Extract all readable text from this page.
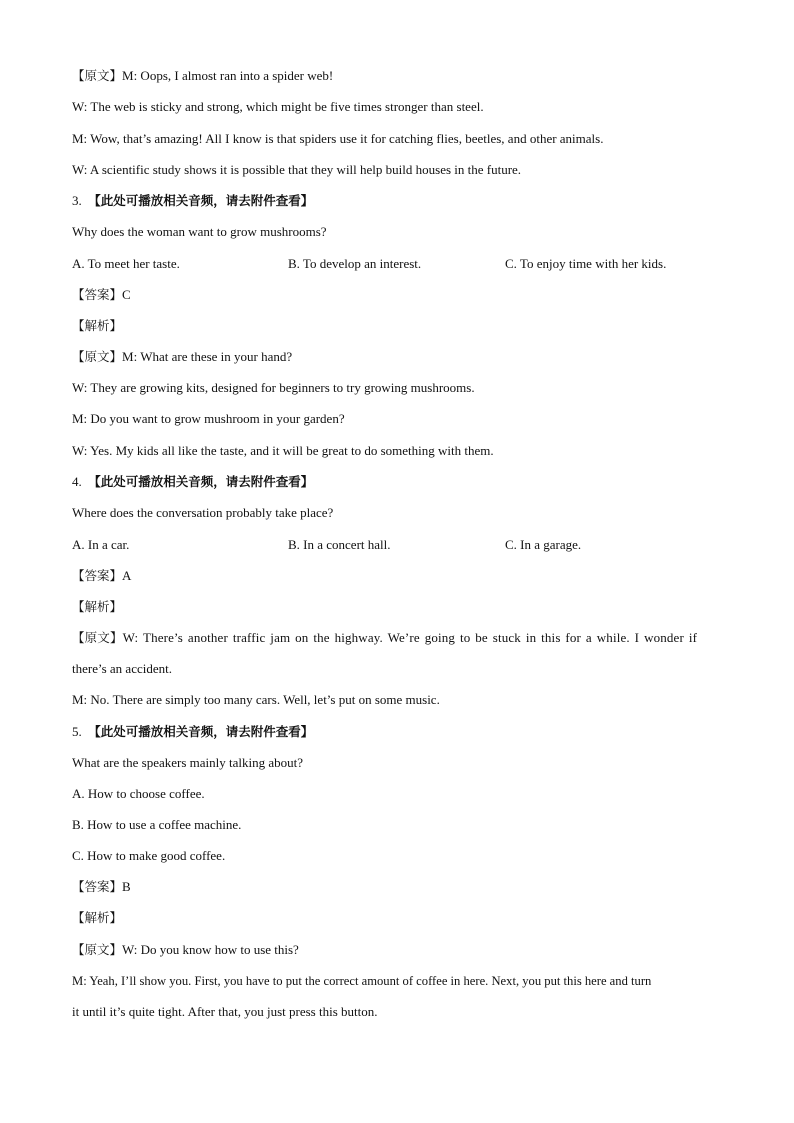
【原文】M: Oops, I almost ran into a spider web!
W: The web is sticky and strong, which might be five times stronger than steel.
M: Wow, that’s amazing! All I know is that spiders use it for catching flies, beetles, and other animals.
W: A scientific study shows it is possible that they will help build houses in the future.
3. 【此处可播放相关音频，请去附件查看】
Why does the woman want to grow mushrooms?
A. To meet her taste.	B. To develop an interest.	C. To enjoy time with her kids.
【答案】C
【解析】
【原文】M: What are these in your hand?
W: They are growing kits, designed for beginners to try growing mushrooms.
M: Do you want to grow mushroom in your garden?
W: Yes. My kids all like the taste, and it will be great to do something with them.
4. 【此处可播放相关音频，请去附件查看】
Where does the conversation probably take place?
A. In a car.	B. In a concert hall.	C. In a garage.
【答案】A
【解析】
【原文】W: There’s another traffic jam on the highway. We’re going to be stuck in this for a while. I wonder if
there’s an accident.
M: No. There are simply too many cars. Well, let’s put on some music.
5. 【此处可播放相关音频，请去附件查看】
What are the speakers mainly talking about?
A. How to choose coffee.
B. How to use a coffee machine.
C. How to make good coffee.
【答案】B
【解析】
【原文】W: Do you know how to use this?
M: Yeah, I’ll show you. First, you have to put the correct amount of coffee in here. Next, you put this here and turn
it until it’s quite tight. After that, you just press this button.
